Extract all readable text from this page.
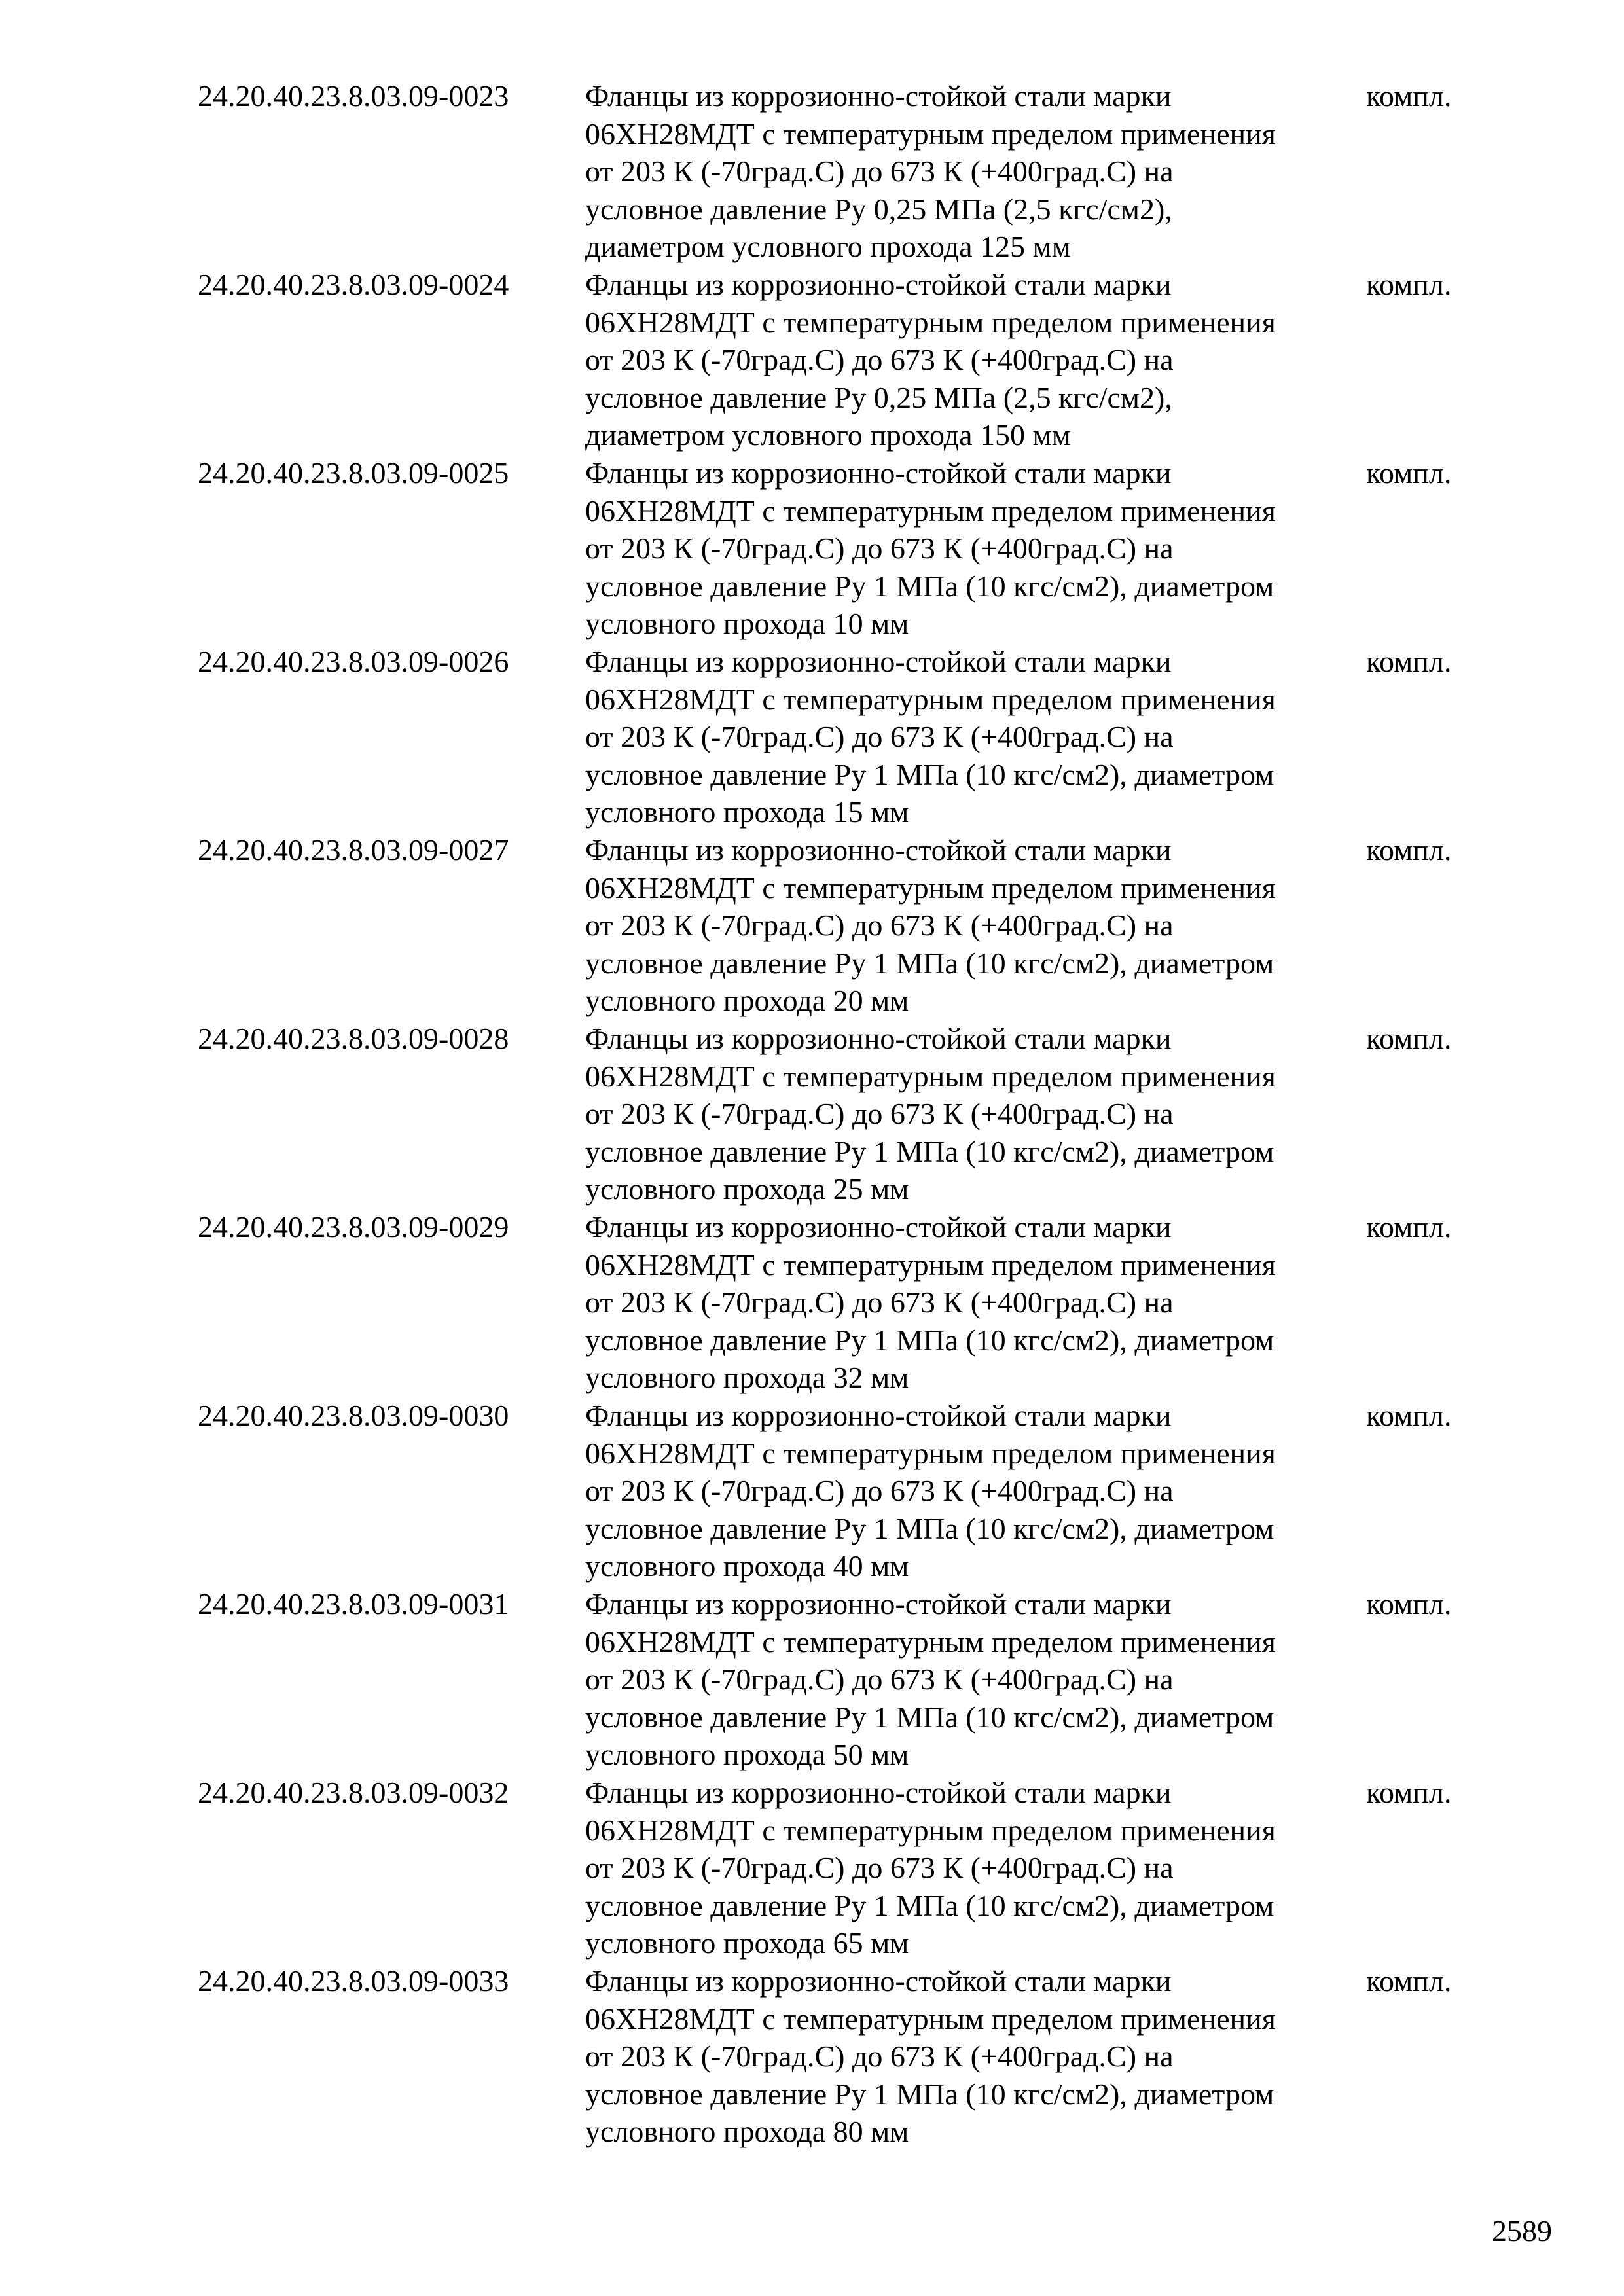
24.20.40.23.8.03.09-0023	Фланцы из коррозионно-стойкой стали марки
06ХН28МДТ с температурным пределом применения
от 203 К (-70град.С) до 673 К (+400град.С) на
условное давление Ру 0,25 МПа (2,5 кгс/см2),
диаметром условного прохода 125 мм
компл.
24.20.40.23.8.03.09-0024	Фланцы из коррозионно-стойкой стали марки
06ХН28МДТ с температурным пределом применения
от 203 К (-70град.С) до 673 К (+400град.С) на
условное давление Ру 0,25 МПа (2,5 кгс/см2),
диаметром условного прохода 150 мм
компл.
24.20.40.23.8.03.09-0025	Фланцы из коррозионно-стойкой стали марки
06ХН28МДТ с температурным пределом применения
от 203 К (-70град.С) до 673 К (+400град.С) на
условное давление Ру 1 МПа (10 кгс/см2), диаметром
условного прохода 10 мм
компл.
24.20.40.23.8.03.09-0026	Фланцы из коррозионно-стойкой стали марки
06ХН28МДТ с температурным пределом применения
от 203 К (-70град.С) до 673 К (+400град.С) на
условное давление Ру 1 МПа (10 кгс/см2), диаметром
условного прохода 15 мм
компл.
24.20.40.23.8.03.09-0027	Фланцы из коррозионно-стойкой стали марки
06ХН28МДТ с температурным пределом применения
от 203 К (-70град.С) до 673 К (+400град.С) на
условное давление Ру 1 МПа (10 кгс/см2), диаметром
условного прохода 20 мм
компл.
24.20.40.23.8.03.09-0028	Фланцы из коррозионно-стойкой стали марки
06ХН28МДТ с температурным пределом применения
от 203 К (-70град.С) до 673 К (+400град.С) на
условное давление Ру 1 МПа (10 кгс/см2), диаметром
условного прохода 25 мм
компл.
24.20.40.23.8.03.09-0029	Фланцы из коррозионно-стойкой стали марки
06ХН28МДТ с температурным пределом применения
от 203 К (-70град.С) до 673 К (+400град.С) на
условное давление Ру 1 МПа (10 кгс/см2), диаметром
условного прохода 32 мм
компл.
24.20.40.23.8.03.09-0030	Фланцы из коррозионно-стойкой стали марки
06ХН28МДТ с температурным пределом применения
от 203 К (-70град.С) до 673 К (+400град.С) на
условное давление Ру 1 МПа (10 кгс/см2), диаметром
условного прохода 40 мм
компл.
24.20.40.23.8.03.09-0031	Фланцы из коррозионно-стойкой стали марки
06ХН28МДТ с температурным пределом применения
от 203 К (-70град.С) до 673 К (+400град.С) на
условное давление Ру 1 МПа (10 кгс/см2), диаметром
условного прохода 50 мм
компл.
24.20.40.23.8.03.09-0032	Фланцы из коррозионно-стойкой стали марки
06ХН28МДТ с температурным пределом применения
от 203 К (-70град.С) до 673 К (+400град.С) на
условное давление Ру 1 МПа (10 кгс/см2), диаметром
условного прохода 65 мм
компл.
24.20.40.23.8.03.09-0033	Фланцы из коррозионно-стойкой стали марки
06ХН28МДТ с температурным пределом применения
от 203 К (-70град.С) до 673 К (+400град.С) на
условное давление Ру 1 МПа (10 кгс/см2), диаметром
условного прохода 80 мм
компл.
2589
